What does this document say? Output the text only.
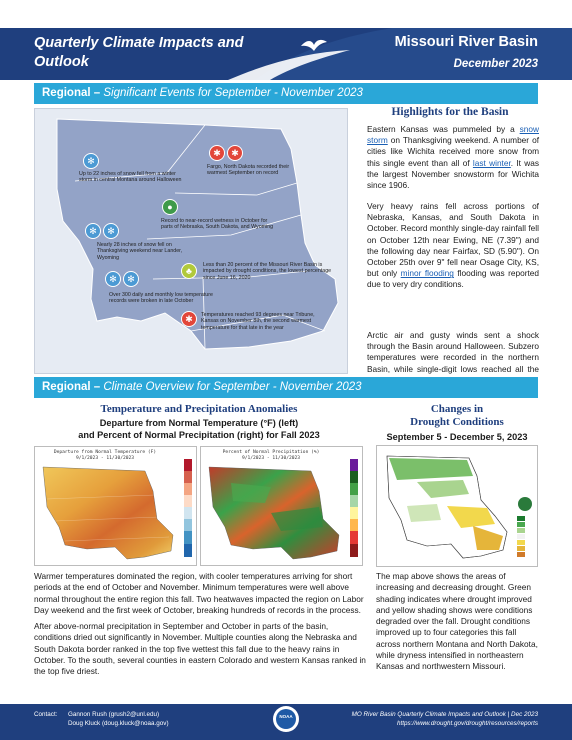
Quarterly Climate Impacts and Outlook
Missouri River Basin
December 2023
Regional – Significant Events for September - November 2023
✻
Up to 22 inches of snow fell from a winter storm in central Montana around Halloween
✱	✱
Fargo, North Dakota recorded their warmest September on record
●
Record to near-record wetness in October for parts of Nebraska, South Dakota, and Wyoming
✻	✻
Nearly 28 inches of snow fell on Thanksgiving weekend near Lander, Wyoming
♣
Less than 20 percent of the Missouri River Basin is impacted by drought conditions, the lowest percentage since June 16, 2020
✻	✻
Over 300 daily and monthly low temperature records were broken in late October
✱	Temperatures reached 93 degrees near Tribune, Kansas on November 8th, the second warmest temperature for that late in the year
Highlights for the Basin
Eastern Kansas was pummeled by a snow storm on Thanksgiving weekend. A number of cities like Wichita received more snow from this single event than all of last winter. It was the largest November snowstorm for Wichita since 1906.
Very heavy rains fell across portions of Nebraska, Kansas, and South Dakota in October. Record monthly single-day rainfall fell on October 12th near Ewing, NE (7.39") and the following day near Fairfax, SD (5.90"). On October 25th over 9" fell near Osage City, KS, but only minor flooding flooding was reported due to very dry conditions.
Arctic air and gusty winds sent a shock through the Basin around Halloween. Subzero temperatures were recorded in the northern Basin, while single-digit lows reached all the
Regional – Climate Overview for September - November 2023
Temperature and Precipitation Anomalies
Departure from Normal Temperature (°F) (left)
and Percent of Normal Precipitation (right) for Fall 2023
Departure from Normal Temperature (F)
9/1/2023 - 11/30/2023
Percent of Normal Precipitation (%)
9/1/2023 - 11/30/2023
Changes in
Drought Conditions
September 5 - December 5, 2023
The map above shows the areas of increasing and decreasing drought. Green shading indicates where drought improved and yellow shading shows were conditions degraded over the fall. Drought conditions improved up to four categories this fall across northern Montana and North Dakota, while dryness intensified in northeastern Kansas and northwestern Missouri.
Warmer temperatures dominated the region, with cooler temperatures arriving for short periods at the end of October and November. Minimum temperatures were well above normal throughout the entire region this fall. Two heatwaves impacted the region on Labor Day weekend and the first week of October, breaking hundreds of records in the process.
After above-normal precipitation in September and October in parts of the basin, conditions dried out significantly in November. Multiple counties along the Nebraska and South Dakota border ranked in the top five wettest this fall due to the heavy rains in October. To the south, several counties in eastern Colorado and western Kansas ranked in the top five driest.
Contact: Gannon Rush (grush2@unl.edu)
Doug Kluck (doug.kluck@noaa.gov)
NOAA	MO River Basin Quarterly Climate Impacts and Outlook | Dec 2023
https://www.drought.gov/drought/resources/reports
